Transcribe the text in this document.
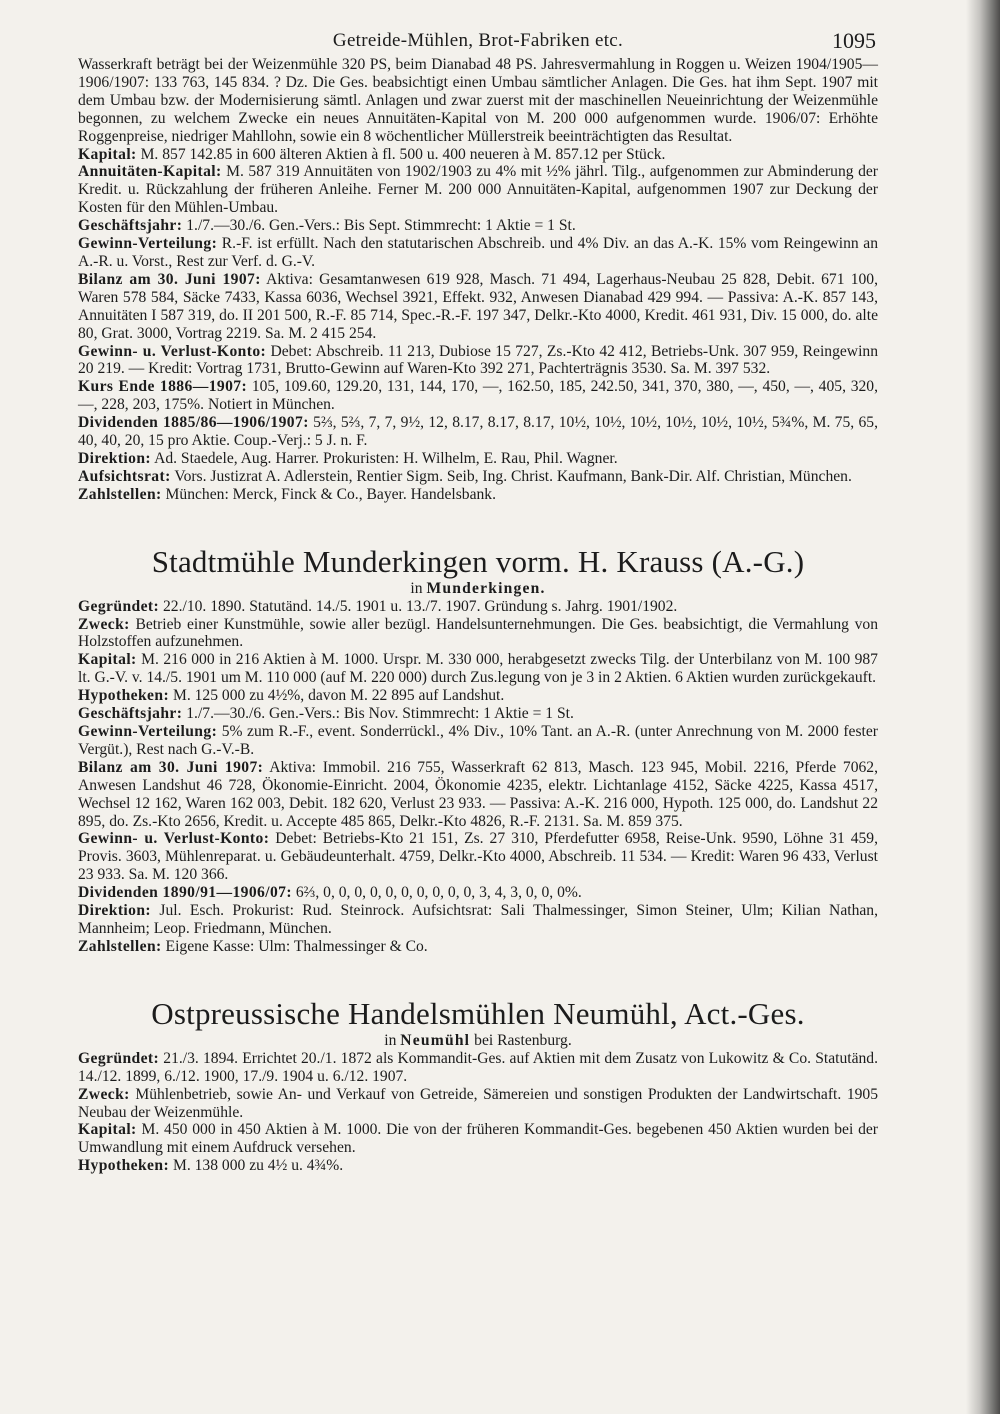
Getreide-Mühlen, Brot-Fabriken etc.	1095

Wasserkraft beträgt bei der Weizenmühle 320 PS, beim Dianabad 48 PS. Jahresvermahlung in Roggen u. Weizen 1904/1905—1906/1907: 133 763, 145 834. ? Dz. Die Ges. beabsichtigt einen Umbau sämtlicher Anlagen. Die Ges. hat ihm Sept. 1907 mit dem Umbau bzw. der Modernisierung sämtl. Anlagen und zwar zuerst mit der maschinellen Neueinrichtung der Weizenmühle begonnen, zu welchem Zwecke ein neues Annuitäten-Kapital von M. 200 000 aufgenommen wurde. 1906/07: Erhöhte Roggenpreise, niedriger Mahllohn, sowie ein 8 wöchentlicher Müllerstreik beeinträchtigten das Resultat.

Kapital: M. 857 142.85 in 600 älteren Aktien à fl. 500 u. 400 neueren à M. 857.12 per Stück.

Annuitäten-Kapital: M. 587 319 Annuitäten von 1902/1903 zu 4% mit ½% jährl. Tilg., aufgenommen zur Abminderung der Kredit. u. Rückzahlung der früheren Anleihe. Ferner M. 200 000 Annuitäten-Kapital, aufgenommen 1907 zur Deckung der Kosten für den Mühlen-Umbau.

Geschäftsjahr: 1./7.—30./6. Gen.-Vers.: Bis Sept. Stimmrecht: 1 Aktie = 1 St.

Gewinn-Verteilung: R.-F. ist erfüllt. Nach den statutarischen Abschreib. und 4% Div. an das A.-K. 15% vom Reingewinn an A.-R. u. Vorst., Rest zur Verf. d. G.-V.

Bilanz am 30. Juni 1907: Aktiva: Gesamtanwesen 619 928, Masch. 71 494, Lagerhaus-Neubau 25 828, Debit. 671 100, Waren 578 584, Säcke 7433, Kassa 6036, Wechsel 3921, Effekt. 932, Anwesen Dianabad 429 994. — Passiva: A.-K. 857 143, Annuitäten I 587 319, do. II 201 500, R.-F. 85 714, Spec.-R.-F. 197 347, Delkr.-Kto 4000, Kredit. 461 931, Div. 15 000, do. alte 80, Grat. 3000, Vortrag 2219. Sa. M. 2 415 254.

Gewinn- u. Verlust-Konto: Debet: Abschreib. 11 213, Dubiose 15 727, Zs.-Kto 42 412, Betriebs-Unk. 307 959, Reingewinn 20 219. — Kredit: Vortrag 1731, Brutto-Gewinn auf Waren-Kto 392 271, Pachterträgnis 3530. Sa. M. 397 532.

Kurs Ende 1886—1907: 105, 109.60, 129.20, 131, 144, 170, —, 162.50, 185, 242.50, 341, 370, 380, —, 450, —, 405, 320, —, 228, 203, 175%. Notiert in München.

Dividenden 1885/86—1906/1907: 5⅔, 5⅔, 7, 7, 9½, 12, 8.17, 8.17, 8.17, 10½, 10½, 10½, 10½, 10½, 10½, 5¾%, M. 75, 65, 40, 40, 20, 15 pro Aktie. Coup.-Verj.: 5 J. n. F.

Direktion: Ad. Staedele, Aug. Harrer. Prokuristen: H. Wilhelm, E. Rau, Phil. Wagner.

Aufsichtsrat: Vors. Justizrat A. Adlerstein, Rentier Sigm. Seib, Ing. Christ. Kaufmann, Bank-Dir. Alf. Christian, München.

Zahlstellen: München: Merck, Finck & Co., Bayer. Handelsbank.

Stadtmühle Munderkingen vorm. H. Krauss (A.-G.)

in Munderkingen.

Gegründet: 22./10. 1890. Statutänd. 14./5. 1901 u. 13./7. 1907. Gründung s. Jahrg. 1901/1902.

Zweck: Betrieb einer Kunstmühle, sowie aller bezügl. Handelsunternehmungen. Die Ges. beabsichtigt, die Vermahlung von Holzstoffen aufzunehmen.

Kapital: M. 216 000 in 216 Aktien à M. 1000. Urspr. M. 330 000, herabgesetzt zwecks Tilg. der Unterbilanz von M. 100 987 lt. G.-V. v. 14./5. 1901 um M. 110 000 (auf M. 220 000) durch Zus.legung von je 3 in 2 Aktien. 6 Aktien wurden zurückgekauft.

Hypotheken: M. 125 000 zu 4½%, davon M. 22 895 auf Landshut.

Geschäftsjahr: 1./7.—30./6. Gen.-Vers.: Bis Nov. Stimmrecht: 1 Aktie = 1 St.

Gewinn-Verteilung: 5% zum R.-F., event. Sonderrückl., 4% Div., 10% Tant. an A.-R. (unter Anrechnung von M. 2000 fester Vergüt.), Rest nach G.-V.-B.

Bilanz am 30. Juni 1907: Aktiva: Immobil. 216 755, Wasserkraft 62 813, Masch. 123 945, Mobil. 2216, Pferde 7062, Anwesen Landshut 46 728, Ökonomie-Einricht. 2004, Ökonomie 4235, elektr. Lichtanlage 4152, Säcke 4225, Kassa 4517, Wechsel 12 162, Waren 162 003, Debit. 182 620, Verlust 23 933. — Passiva: A.-K. 216 000, Hypoth. 125 000, do. Landshut 22 895, do. Zs.-Kto 2656, Kredit. u. Accepte 485 865, Delkr.-Kto 4826, R.-F. 2131. Sa. M. 859 375.

Gewinn- u. Verlust-Konto: Debet: Betriebs-Kto 21 151, Zs. 27 310, Pferdefutter 6958, Reise-Unk. 9590, Löhne 31 459, Provis. 3603, Mühlenreparat. u. Gebäudeunterhalt. 4759, Delkr.-Kto 4000, Abschreib. 11 534. — Kredit: Waren 96 433, Verlust 23 933. Sa. M. 120 366.

Dividenden 1890/91—1906/07: 6⅔, 0, 0, 0, 0, 0, 0, 0, 0, 0, 0, 3, 4, 3, 0, 0, 0%.

Direktion: Jul. Esch. Prokurist: Rud. Steinrock. Aufsichtsrat: Sali Thalmessinger, Simon Steiner, Ulm; Kilian Nathan, Mannheim; Leop. Friedmann, München.

Zahlstellen: Eigene Kasse: Ulm: Thalmessinger & Co.

Ostpreussische Handelsmühlen Neumühl, Act.-Ges.

in Neumühl bei Rastenburg.

Gegründet: 21./3. 1894. Errichtet 20./1. 1872 als Kommandit-Ges. auf Aktien mit dem Zusatz von Lukowitz & Co. Statutänd. 14./12. 1899, 6./12. 1900, 17./9. 1904 u. 6./12. 1907.

Zweck: Mühlenbetrieb, sowie An- und Verkauf von Getreide, Sämereien und sonstigen Produkten der Landwirtschaft. 1905 Neubau der Weizenmühle.

Kapital: M. 450 000 in 450 Aktien à M. 1000. Die von der früheren Kommandit-Ges. begebenen 450 Aktien wurden bei der Umwandlung mit einem Aufdruck versehen.

Hypotheken: M. 138 000 zu 4½ u. 4¾%.
